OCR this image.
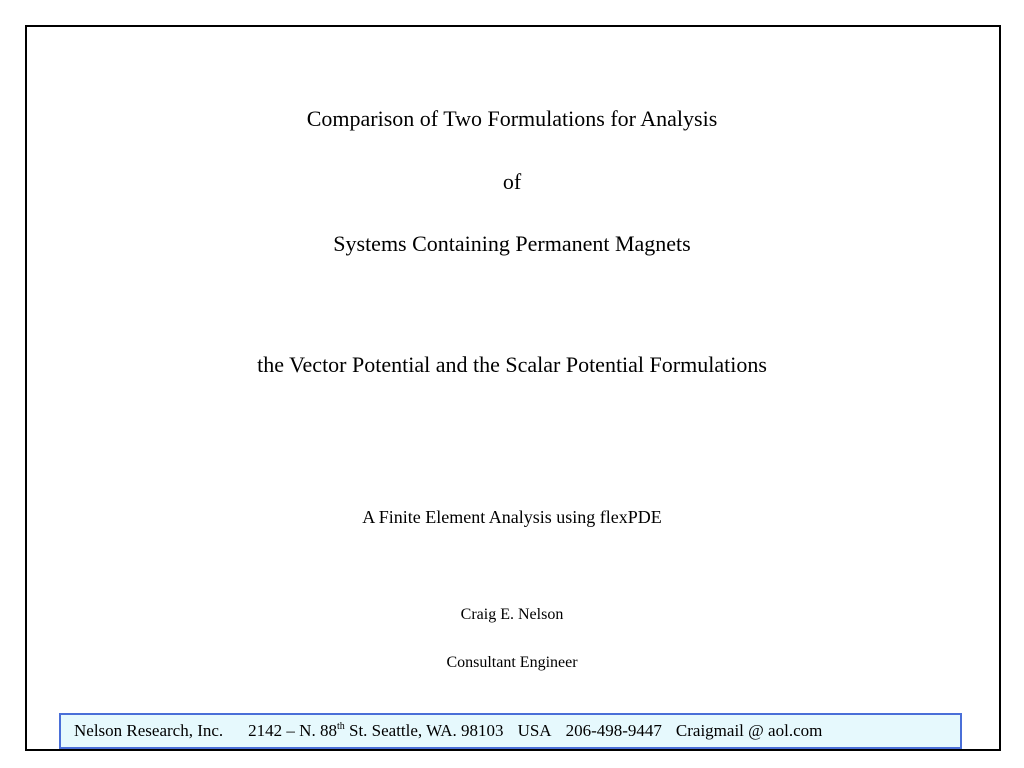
Comparison of Two Formulations for Analysis
of
Systems Containing Permanent Magnets
the Vector Potential and the Scalar Potential Formulations
A Finite Element Analysis using flexPDE
Craig E. Nelson
Consultant Engineer
Nelson Research, Inc. 2142 – N. 88th St. Seattle, WA. 98103 USA 206-498-9447 Craigmail @ aol.com
